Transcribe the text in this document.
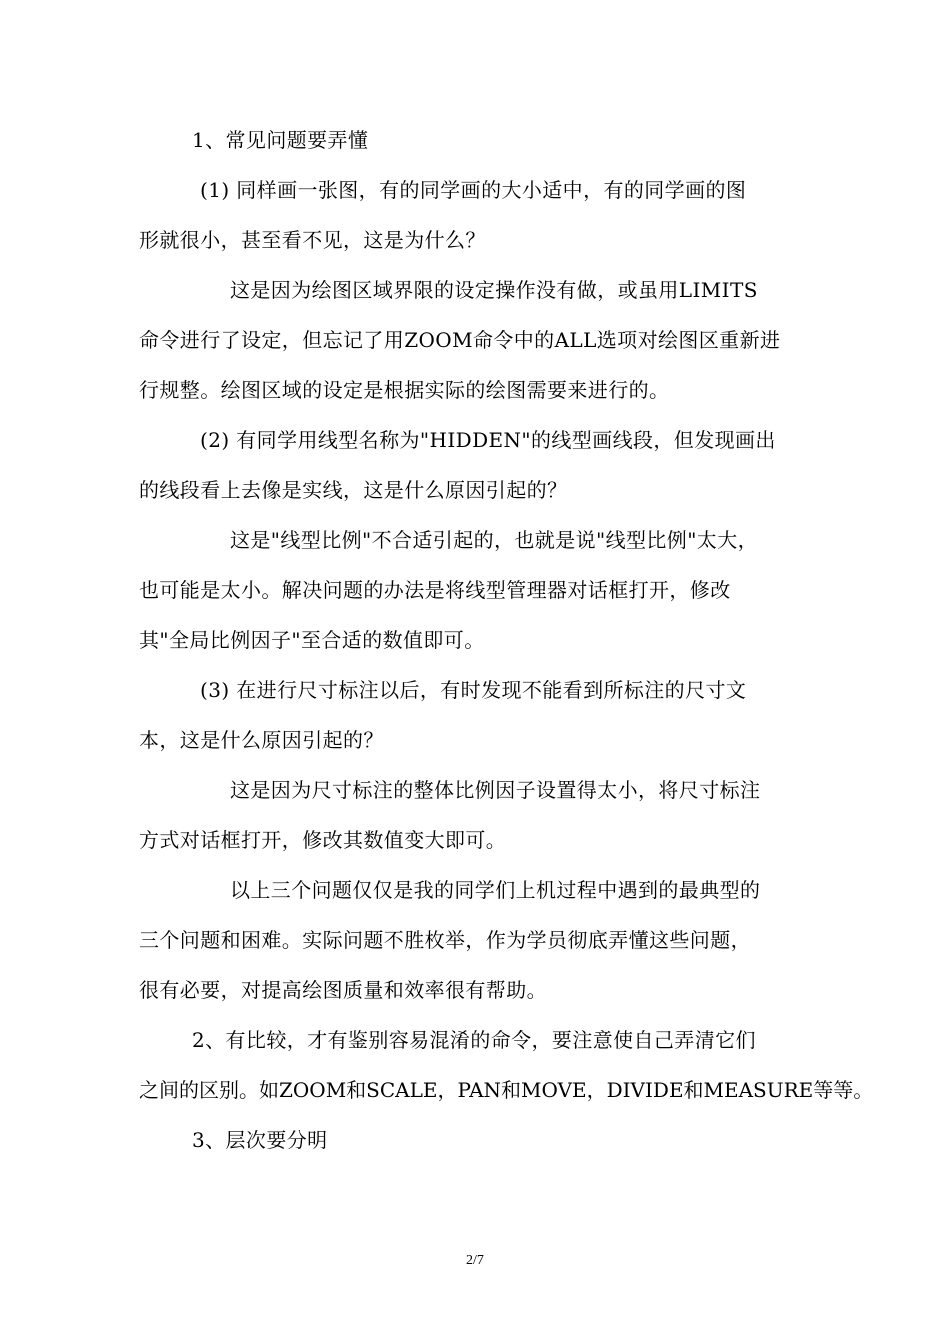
1、常见问题要弄懂
(1) 同样画一张图，有的同学画的大小适中，有的同学画的图
形就很小，甚至看不见，这是为什么？
这是因为绘图区域界限的设定操作没有做，或虽用LIMITS
命令进行了设定，但忘记了用ZOOM命令中的ALL选项对绘图区重新进
行规整。绘图区域的设定是根据实际的绘图需要来进行的。
(2) 有同学用线型名称为"HIDDEN"的线型画线段，但发现画出
的线段看上去像是实线，这是什么原因引起的？
这是"线型比例"不合适引起的，也就是说"线型比例"太大，
也可能是太小。解决问题的办法是将线型管理器对话框打开，修改
其"全局比例因子"至合适的数值即可。
(3) 在进行尺寸标注以后，有时发现不能看到所标注的尺寸文
本，这是什么原因引起的？
这是因为尺寸标注的整体比例因子设置得太小，将尺寸标注
方式对话框打开，修改其数值变大即可。
以上三个问题仅仅是我的同学们上机过程中遇到的最典型的
三个问题和困难。实际问题不胜枚举，作为学员彻底弄懂这些问题，
很有必要，对提高绘图质量和效率很有帮助。
2、有比较，才有鉴别容易混淆的命令，要注意使自己弄清它们
之间的区别。如ZOOM和SCALE，PAN和MOVE，DIVIDE和MEASURE等等。
3、层次要分明
2/7
